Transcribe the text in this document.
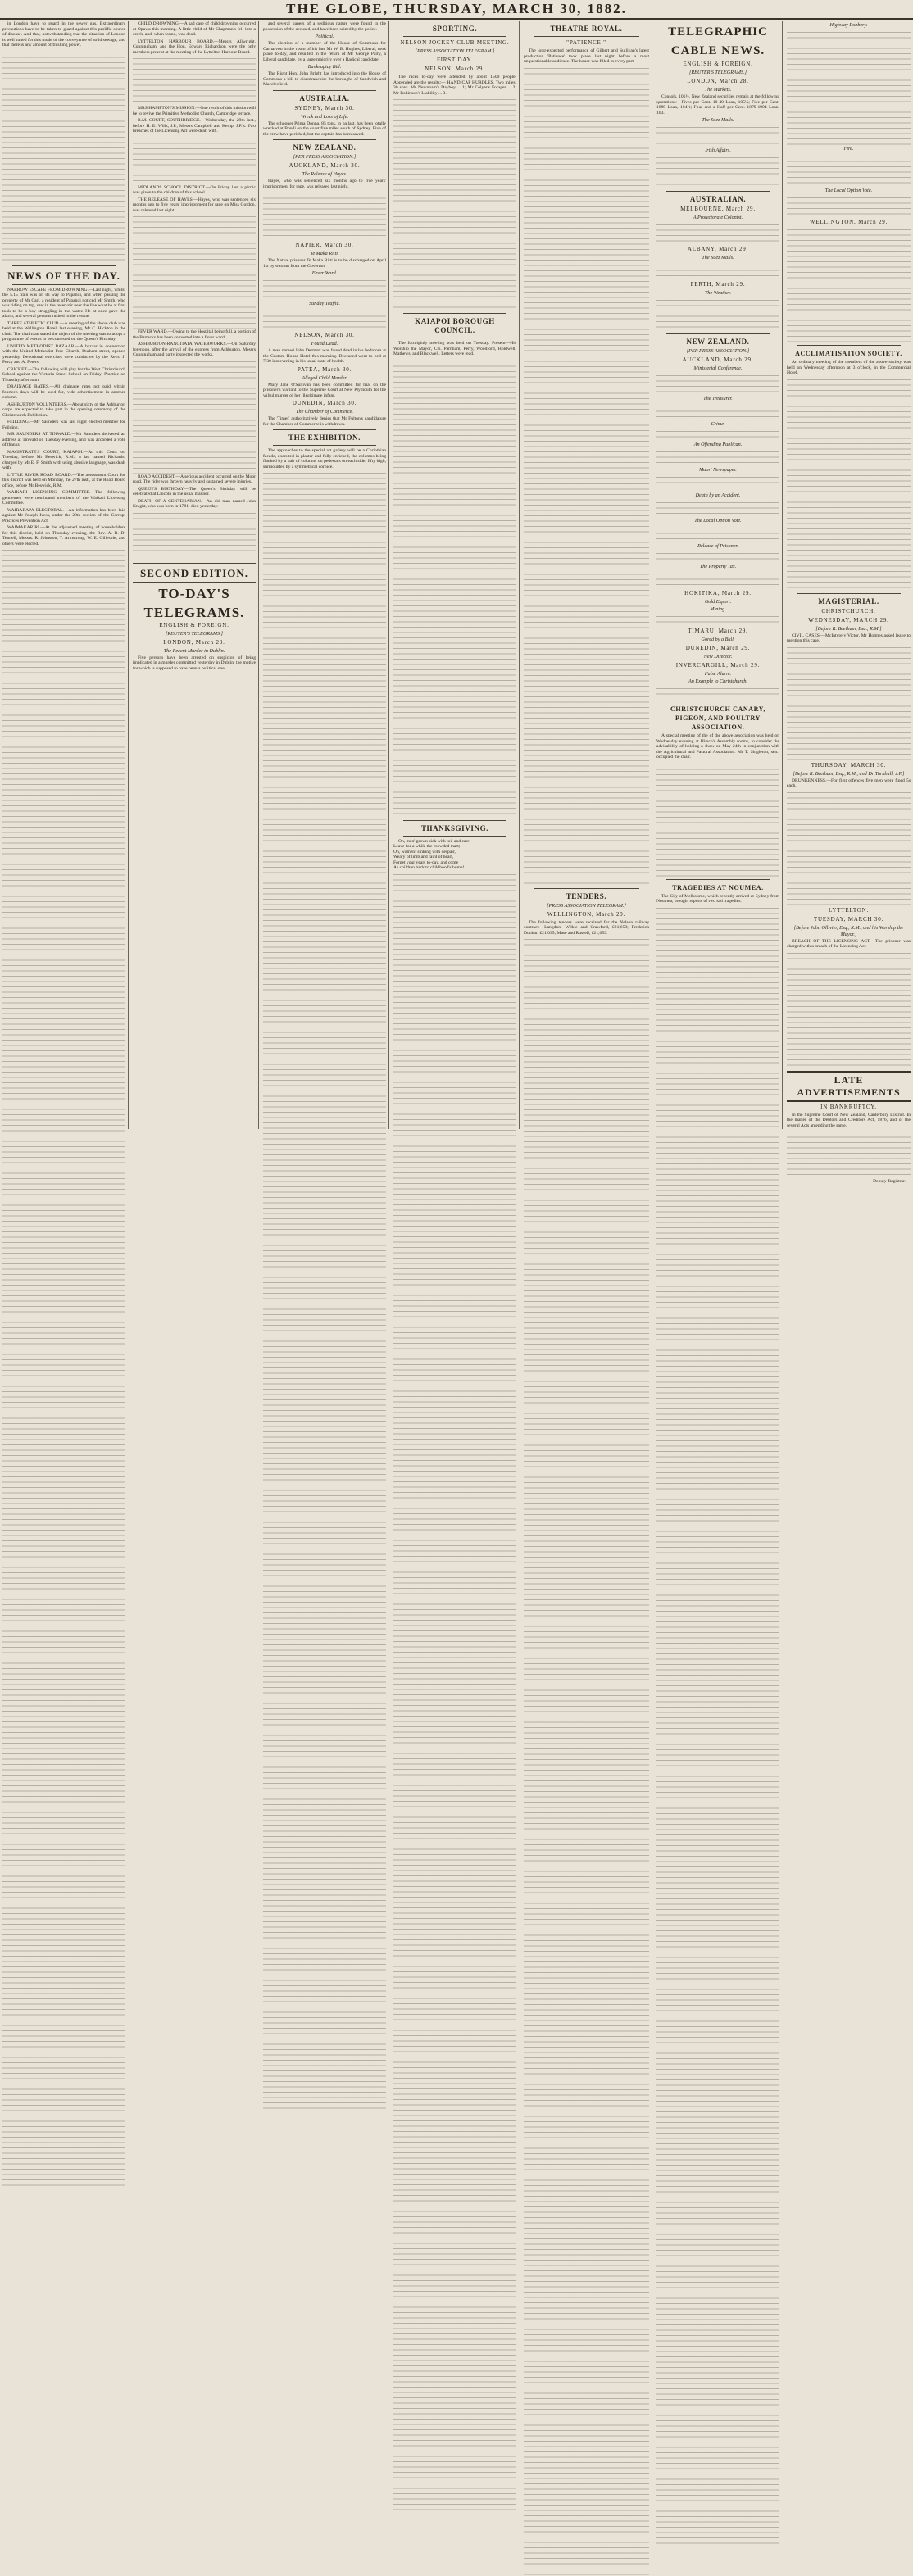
THE GLOBE, THURSDAY, MARCH 30, 1882.

in London have to guard in the sewer gas. Extraordinary precautions have to be taken to guard against this prolific source of disease. And that, notwithstanding that the situation of London is well suited for this mode of the conveyance of solid sewage, and that there is any amount of flushing power.

NEWS OF THE DAY.

NARROW ESCAPE FROM DROWNING.—Last night, whilst the 5.15 train was on its way to Papanui, and when passing the property of Mr Carl, a resident of Papanui noticed Mr Smith, who was riding on top, saw in the reservoir near the line what he at first took to be a boy struggling in the water. He at once gave the alarm, and several persons rushed to the rescue.

THREE ATHLETIC CLUB.—A meeting of the above club was held at the Wellington Hotel, last evening, Mr C. Hickton in the chair. The chairman stated the object of the meeting was to adopt a programme of events to be contested on the Queen's Birthday.

UNITED METHODIST BAZAAR.—A bazaar in connection with the United Methodist Free Church, Durham street, opened yesterday. Devotional exercises were conducted by the Revs. J. Percy and A. Peters.

CRICKET.—The following will play for the West Christchurch School against the Victoria Street School on Friday. Practice on Thursday afternoon.

DRAINAGE RATES.—All drainage rates not paid within fourteen days will be sued for, vide advertisement in another column.

ASHBURTON VOLUNTEERS.—About sixty of the Ashburton corps are expected to take part in the opening ceremony of the Christchurch Exhibition.

FEILDING.—Mr Saunders was last night elected member for Feilding.

MR SAUNDERS AT TINWALD.—Mr Saunders delivered an address at Tinwald on Tuesday evening, and was accorded a vote of thanks.

MAGISTRATE'S COURT, KAIAPOI.—At this Court on Tuesday, before Mr Beswick, R.M., a lad named Richards, charged by Mr E. F. Smith with using abusive language, was dealt with.

LITTLE RIVER ROAD BOARD.—The assessment Court for this district was held on Monday, the 27th inst., at the Road Board office, before Mr Beswick, R.M.

WAIKARI LICENSING COMMITTEE.—The following gentlemen were nominated members of the Waikari Licensing Committee.

WAIRARAPA ELECTORAL.—An information has been laid against Mr Joseph Ivess, under the 28th section of the Corrupt Practices Prevention Act.

WAIMAKARIRI.—At the adjourned meeting of householders for this district, held on Thursday evening, the Rev. A. B. D. Tennell, Messrs. R. Johnston, T. Armstrong, W. E. Gillespie, and others were elected.

CHILD DROWNING.—A sad case of child drowning occurred at Opawa this morning. A little child of Mr Chapman's fell into a creek, and, when found, was dead.

LYTTELTON HARBOUR BOARD.—Messrs Allwright, Cunningham, and the Hon. Edward Richardson were the only members present at the meeting of the Lyttelton Harbour Board.

MRS HAMPTON'S MISSION.—One result of this mission will be to revive the Primitive Methodist Church, Cambridge terrace.

R.M. COURT, SOUTHBRIDGE.—Wednesday, the 29th inst., before H. E. Wills, J.P., Messrs Campbell and Kemp, J.P.'s. Two breaches of the Licensing Act were dealt with.

MIDLANDS SCHOOL DISTRICT.—On Friday last a picnic was given to the children of this school.

THE RELEASE OF HAYES.—Hayes, who was sentenced six months ago to five years' imprisonment for rape on Miss Gordon, was released last night.

FEVER WARD.—Owing to the Hospital being full, a portion of the Barracks has been converted into a fever ward.

ASHBURTON-RANGITATA WATERWORKS.—On Saturday forenoon, after the arrival of the express from Ashburton, Messrs Cunningham and party inspected the works.

ROAD ACCIDENT.—A serious accident occurred on the Moor road. The rider was thrown heavily and sustained severe injuries.

QUEEN'S BIRTHDAY.—The Queen's Birthday will be celebrated at Lincoln in the usual manner.

DEATH OF A CENTENARIAN.—An old man named John Knight, who was born in 1781, died yesterday.

SECOND EDITION.
TO-DAY'S
TELEGRAMS.
ENGLISH & FOREIGN.
[REUTER'S TELEGRAMS.]
LONDON, March 29.
The Recent Murder in Dublin.

Five persons have been arrested on suspicion of being implicated in a murder committed yesterday in Dublin, the motive for which is supposed to have been a political one.

and several papers of a seditious nature were found in the possession of the accused, and have been seized by the police.

Political.

The election of a member of the House of Commons for Carnarvon in the room of his late Mr W. B. Hughes, Liberal, took place to-day, and resulted in the return of Mr George Parry, a Liberal candidate, by a large majority over a Radical candidate.

Bankruptcy Bill.

The Right Hon. John Bright has introduced into the House of Commons a bill to disenfranchise the boroughs of Sandwich and Macclesfield.

AUSTRALIA.
SYDNEY, March 30.
Wreck and Loss of Life.

The schooner Prima Donna, 85 tons, in ballast, has been totally wrecked at Bondi on the coast five miles south of Sydney. Five of the crew have perished, but the captain has been saved.

NEW ZEALAND.
[PER PRESS ASSOCIATION.]
AUCKLAND, March 30.
The Release of Hayes.

Hayes, who was sentenced six months ago to five years' imprisonment for rape, was released last night.

NAPIER, March 30.
Te Maka Riiti.

The Native prisoner Te Maka Riiti is to be discharged on April 1st by warrant from the Governor.

Fever Ward.
Sunday Traffic.
NELSON, March 30.
Found Dead.

A man named John Dermott was found dead in his bedroom at the Custom House Hotel this morning. Deceased went to bed at 7.30 last evening in his usual state of health.

PATEA, March 30.
Alleged Child Murder.

Mary Jane O'Sullivan has been committed for trial on the prisoner's warrant to the Supreme Court at New Plymouth for the wilful murder of her illegitimate infant.

DUNEDIN, March 30.
The Chamber of Commerce.

The 'Times' authoritatively denies that Mr Fulton's candidature for the Chamber of Commerce is withdrawn.

THE EXHIBITION.

The approaches to the special art gallery will be a Corinthian facade, executed in plaster and fully enriched, the columns being flanked by a pair of columns on pedestals on each side, fifty high, surmounted by a symmetrical cornice.

SPORTING.
NELSON JOCKEY CLUB MEETING.
[PRESS ASSOCIATION TELEGRAM.]
FIRST DAY.
NELSON, March 29.

The races to-day were attended by about 1500 people. Appended are the results:— HANDICAP HURDLES. Two miles. 30 sovs. Mr Newnham's Dayboy ... 1; Mr Colyer's Forager ... 2; Mr Robinson's Liability ... 3.

KAIAPOI BOROUGH COUNCIL.

The fortnightly meeting was held on Tuesday. Present—His Worship the Mayor, Crs. Parnham, Perry, Woodford, Holdwell, Mathews, and Blackwell. Letters were read.

THANKSGIVING.

Oh, men' grown sick with toil and care,
Leave for a while the crowded mart;
Oh, women! sinking with despair,
Weary of limb and faint of heart,
Forget your years to-day, and come
As children back to childhood's home!

THEATRE ROYAL.
"PATIENCE."

The long-expected performance of Gilbert and Sullivan's latest production 'Patience' took place last night before a most unquestionable audience. The house was filled in every part.

TENDERS.
[PRESS ASSOCIATION TELEGRAM.]
WELLINGTON, March 29.

The following tenders were received for the Nelson railway contract:—Langdon—Wilkie and Crawford, £21,659; Frederick Dunbar, £21,035; Mase and Russell, £21,659.

TELEGRAPHIC
CABLE NEWS.
ENGLISH & FOREIGN.
[REUTER'S TELEGRAMS.]
LONDON, March 28.
The Markets.

Consols, 101½. New Zealand securities remain at the following quotations:—Fives per Cent. 10-40 Loan, 105¼; Five per Cent. 1889 Loan, 104½; Four and a Half per Cent. 1879-1904 Loan, 103.

The Suez Mails.
Irish Affairs.
AUSTRALIAN.
MELBOURNE, March 29.
A Protectorate Colonist.
ALBANY, March 29.
The Suez Mails.
PERTH, March 29.
The Weather.
NEW ZEALAND.
[PER PRESS ASSOCIATION.]
AUCKLAND, March 29.
Ministerial Conference.
The Treasurer.
Crime.
An Offending Publican.
Maori Newspaper.
Death by an Accident.
The Local Option Vote.
Release of Prisoner.
The Property Tax.
HOKITIKA, March 29.
Gold Export.
Mining.
TIMARU, March 29.
Gored by a Bull.
DUNEDIN, March 29.
New Director.
INVERCARGILL, March 29.
False Alarm.
An Example to Christchurch.
CHRISTCHURCH CANARY, PIGEON, AND POULTRY ASSOCIATION.

A special meeting of the of the above association was held on Wednesday evening at Hirsch's Assembly rooms, to consider the advisability of holding a show on May 24th in conjunction with the Agricultural and Pastoral Association. Mr T. Singleton, sen., occupied the chair.

TRAGEDIES AT NOUMEA.

The City of Melbourne, which recently arrived at Sydney from Noumea, brought reports of two sad tragedies.

Highway Robbery.
Fire.
The Local Option Vote.
WELLINGTON, March 29.
ACCLIMATISATION SOCIETY.

An ordinary meeting of the members of the above society was held on Wednesday afternoon at 3 o'clock, in the Commercial Hotel.

MAGISTERIAL.
CHRISTCHURCH.
WEDNESDAY, MARCH 29.
[Before R. Beetham, Esq., R.M.]

CIVIL CASES.—McIntyre v Victor. Mr Holmes asked leave to mention this case.

THURSDAY, MARCH 30.
[Before R. Beetham, Esq., R.M., and Dr Turnbull, J.P.]

DRUNKENNESS.—For first offences five men were fined 5s each.

LYTTELTON.
TUESDAY, MARCH 30.
[Before John Ollivier, Esq., R.M., and his Worship the Mayor.]

BREACH OF THE LICENSING ACT.—The prisoner was charged with a breach of the Licensing Act.

LATE ADVERTISEMENTS
IN BANKRUPTCY.

In the Supreme Court of New Zealand, Canterbury District. In the matter of the Debtors and Creditors Act, 1876, and of the several Acts amending the same.

Deputy-Registrar.
